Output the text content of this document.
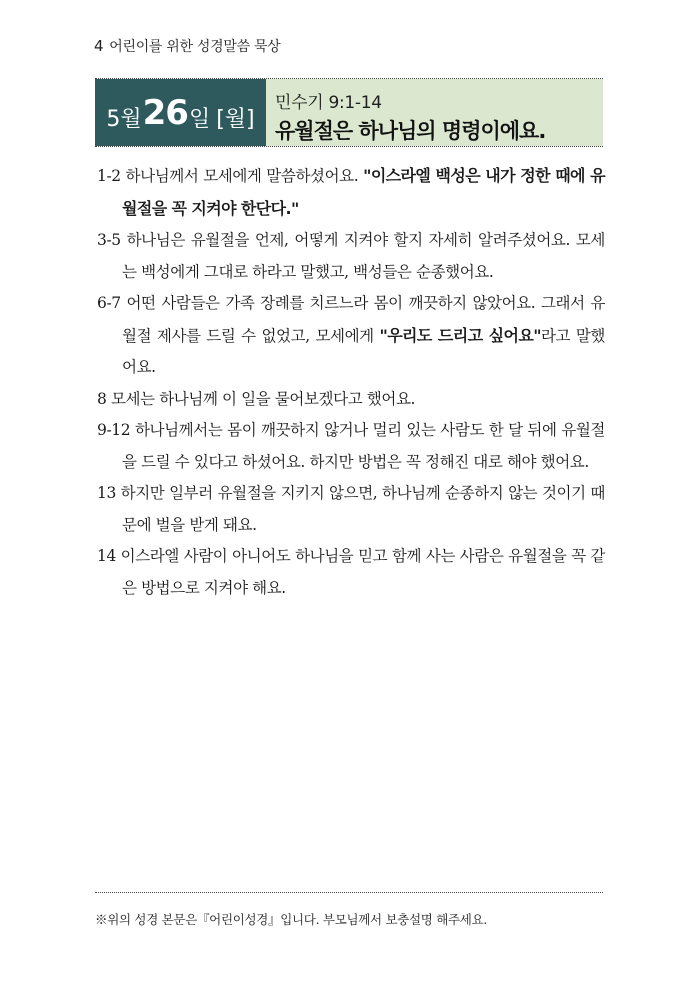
4 어린이를 위한 성경말씀 묵상
5월 26 일 [월]
민수기 9:1-14
유월절은 하나님의 명령이에요.

1-2 하나님께서 모세에게 말씀하셨어요. "이스라엘 백성은 내가 정한 때에 유월절을 꼭 지켜야 한단다."

3-5 하나님은 유월절을 언제, 어떻게 지켜야 할지 자세히 알려주셨어요. 모세는 백성에게 그대로 하라고 말했고, 백성들은 순종했어요.

6-7 어떤 사람들은 가족 장례를 치르느라 몸이 깨끗하지 않았어요. 그래서 유월절 제사를 드릴 수 없었고, 모세에게 "우리도 드리고 싶어요"라고 말했어요.

8 모세는 하나님께 이 일을 물어보겠다고 했어요.

9-12 하나님께서는 몸이 깨끗하지 않거나 멀리 있는 사람도 한 달 뒤에 유월절을 드릴 수 있다고 하셨어요. 하지만 방법은 꼭 정해진 대로 해야 했어요.

13 하지만 일부러 유월절을 지키지 않으면, 하나님께 순종하지 않는 것이기 때문에 벌을 받게 돼요.

14 이스라엘 사람이 아니어도 하나님을 믿고 함께 사는 사람은 유월절을 꼭 같은 방법으로 지켜야 해요.

※위의 성경 본문은『어린이성경』입니다. 부모님께서 보충설명 해주세요.
